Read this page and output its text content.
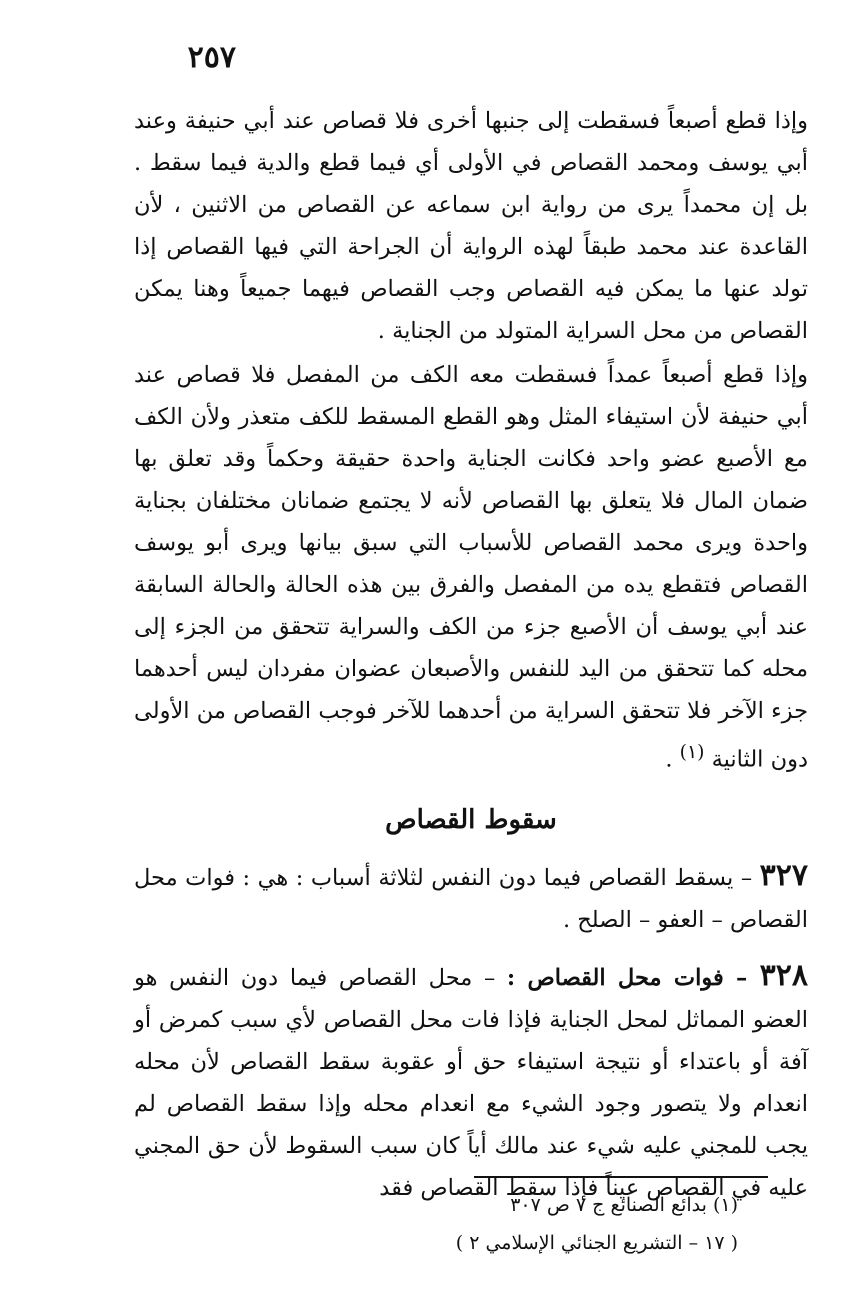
٢٥٧

وإذا قطع أصبعاً فسقطت إلى جنبها أخرى فلا قصاص عند أبي حنيفة وعند أبي يوسف ومحمد القصاص في الأولى أي فيما قطع والدية فيما سقط . بل إن محمداً يرى من رواية ابن سماعه عن القصاص من الاثنين ، لأن القاعدة عند محمد طبقاً لهذه الرواية أن الجراحة التي فيها القصاص إذا تولد عنها ما يمكن فيه القصاص وجب القصاص فيهما جميعاً وهنا يمكن القصاص من محل السراية المتولد من الجناية .

وإذا قطع أصبعاً عمداً فسقطت معه الكف من المفصل فلا قصاص عند أبي حنيفة لأن استيفاء المثل وهو القطع المسقط للكف متعذر ولأن الكف مع الأصبع عضو واحد فكانت الجناية واحدة حقيقة وحكماً وقد تعلق بها ضمان المال فلا يتعلق بها القصاص لأنه لا يجتمع ضمانان مختلفان بجناية واحدة ويرى محمد القصاص للأسباب التي سبق بيانها ويرى أبو يوسف القصاص فتقطع يده من المفصل والفرق بين هذه الحالة والحالة السابقة عند أبي يوسف أن الأصبع جزء من الكف والسراية تتحقق من الجزء إلى محله كما تتحقق من اليد للنفس والأصبعان عضوان مفردان ليس أحدهما جزء الآخر فلا تتحقق السراية من أحدهما للآخر فوجب القصاص من الأولى دون الثانية $^{(١)}$ .

سقوط القصاص

٣٢٧ – يسقط القصاص فيما دون النفس لثلاثة أسباب : هي : فوات محل القصاص – العفو – الصلح .

٣٢٨ – فوات محل القصاص : – محل القصاص فيما دون النفس هو العضو المماثل لمحل الجناية فإذا فات محل القصاص لأي سبب كمرض أو آفة أو باعتداء أو نتيجة استيفاء حق أو عقوبة سقط القصاص لأن محله انعدام ولا يتصور وجود الشيء مع انعدام محله وإذا سقط القصاص لم يجب للمجني عليه شيء عند مالك أياً كان سبب السقوط لأن حق المجني عليه في القصاص عيناً فإذا سقط القصاص فقد

(١) بدائع الصنائع ج ٧ ص ٣٠٧
( ١٧ – التشريع الجنائي الإسلامي ٢ )
